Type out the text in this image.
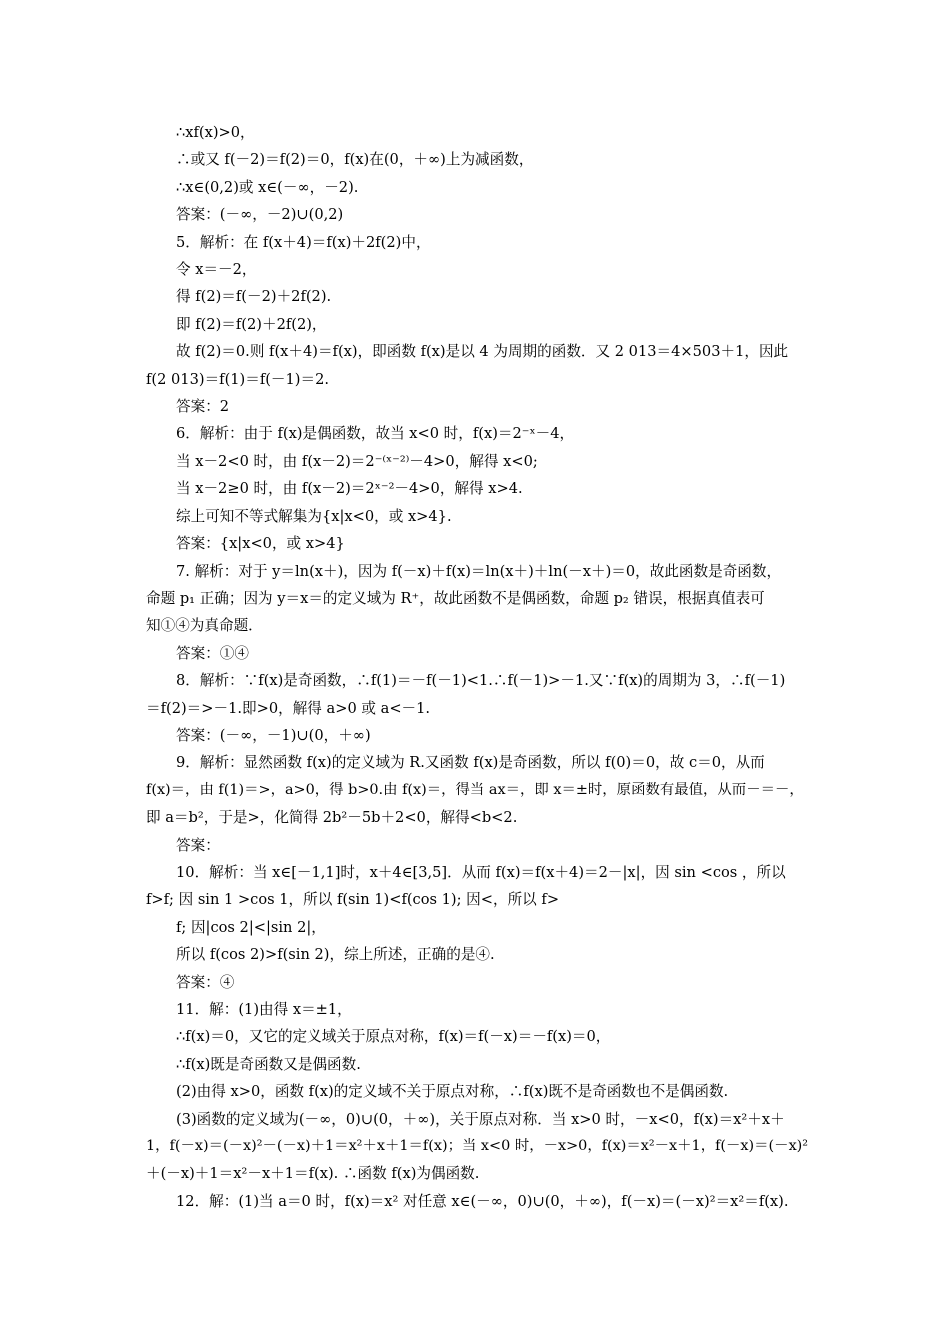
∴xf(x)>0，
∴或又 f(－2)＝f(2)＝0，f(x)在(0，＋∞)上为减函数，
∴x∈(0,2)或 x∈(－∞，－2).
答案：(－∞，－2)∪(0,2)
5．解析：在 f(x＋4)＝f(x)＋2f(2)中，
令 x＝－2，
得 f(2)＝f(－2)＋2f(2).
即 f(2)＝f(2)＋2f(2)，
故 f(2)＝0.则 f(x＋4)＝f(x)，即函数 f(x)是以 4 为周期的函数．又 2 013＝4×503＋1，因此
f(2 013)＝f(1)＝f(－1)＝2.
答案：2
6．解析：由于 f(x)是偶函数，故当 x<0 时，f(x)＝2⁻ˣ－4，
当 x－2<0 时，由 f(x－2)＝2⁻⁽ˣ⁻²⁾－4>0，解得 x<0;
当 x－2≥0 时，由 f(x－2)＝2ˣ⁻²－4>0，解得 x>4.
综上可知不等式解集为{x|x<0，或 x>4}.
答案：{x|x<0，或 x>4}
7. 解析：对于 y＝ln(x＋)，因为 f(－x)＋f(x)＝ln(x＋)＋ln(－x＋)＝0，故此函数是奇函数，
命题 p₁ 正确；因为 y＝x＝的定义域为 R⁺，故此函数不是偶函数，命题 p₂ 错误，根据真值表可
知①④为真命题．
答案：①④
8．解析：∵f(x)是奇函数，∴f(1)＝－f(－1)<1.∴f(－1)>－1.又∵f(x)的周期为 3，∴f(－1)
＝f(2)＝>－1.即>0，解得 a>0 或 a<－1.
答案：(－∞，－1)∪(0，＋∞)
9．解析：显然函数 f(x)的定义域为 R.又函数 f(x)是奇函数，所以 f(0)＝0，故 c＝0，从而
f(x)＝，由 f(1)＝>，a>0，得 b>0.由 f(x)＝，得当 ax＝，即 x＝±时，原函数有最值，从而－＝－，
即 a＝b²，于是>，化简得 2b²－5b＋2<0，解得<b<2.
答案：
10．解析：当 x∈[－1,1]时，x＋4∈[3,5]．从而 f(x)＝f(x＋4)＝2－|x|，因 sin <cos ，所以
f>f; 因 sin 1 >cos 1，所以 f(sin 1)<f(cos 1); 因<，所以 f>
f; 因|cos 2|<|sin 2|，
所以 f(cos 2)>f(sin 2)，综上所述，正确的是④.
答案：④
11．解：(1)由得 x＝±1，
∴f(x)＝0，又它的定义域关于原点对称，f(x)＝f(－x)＝－f(x)＝0，
∴f(x)既是奇函数又是偶函数.
(2)由得 x>0，函数 f(x)的定义域不关于原点对称，∴f(x)既不是奇函数也不是偶函数.
(3)函数的定义域为(－∞，0)∪(0，＋∞)，关于原点对称．当 x>0 时，－x<0，f(x)＝x²＋x＋
1，f(－x)＝(－x)²－(－x)＋1＝x²＋x＋1＝f(x)；当 x<0 时，－x>0，f(x)＝x²－x＋1，f(－x)＝(－x)²
＋(－x)＋1＝x²－x＋1＝f(x). ∴函数 f(x)为偶函数.
12．解：(1)当 a＝0 时，f(x)＝x² 对任意 x∈(－∞，0)∪(0，＋∞)，f(－x)＝(－x)²＝x²＝f(x).
